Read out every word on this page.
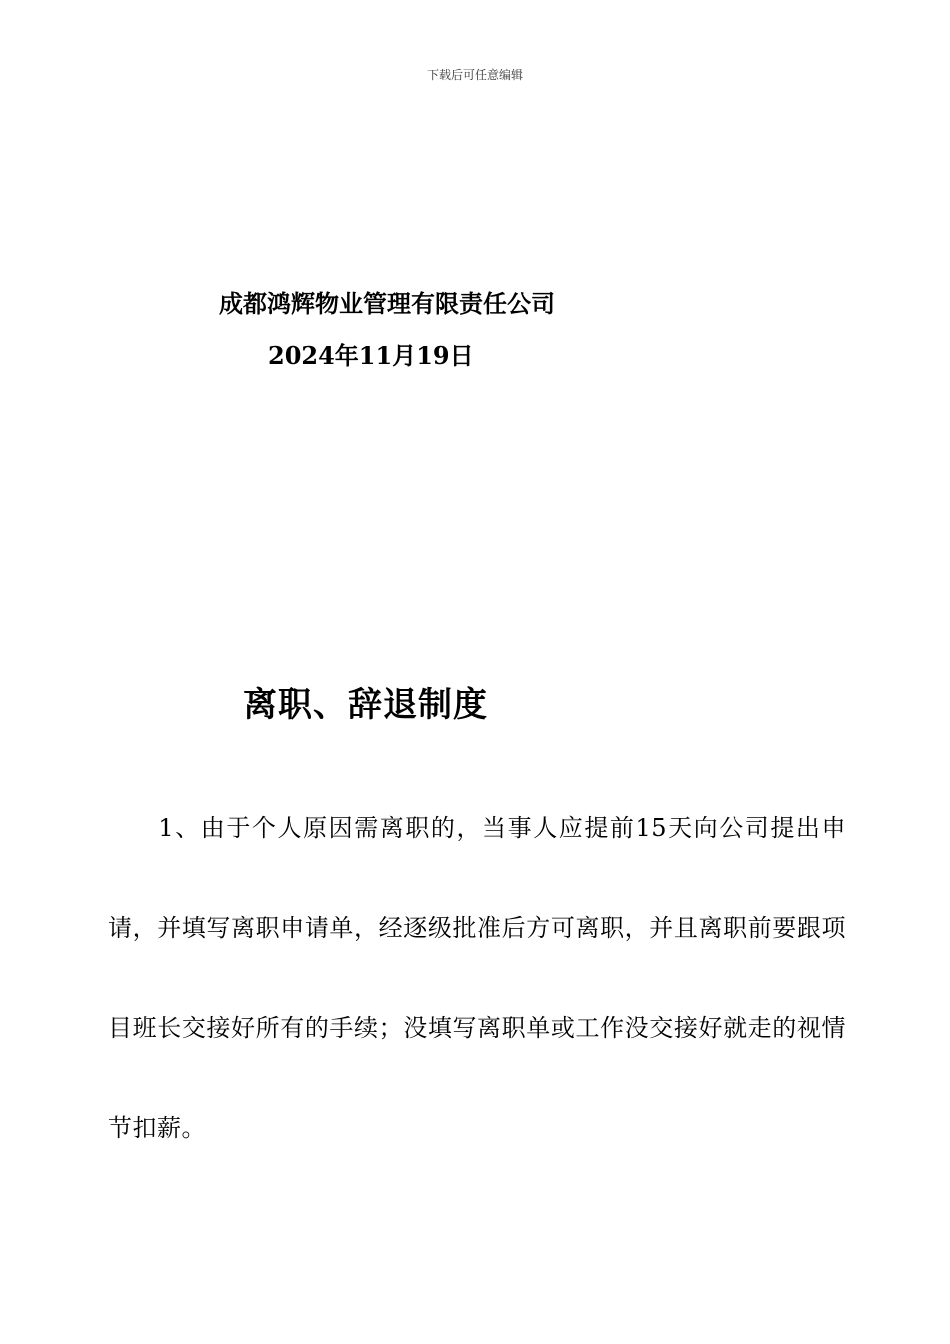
下载后可任意编辑
成都鸿辉物业管理有限责任公司
2024年11月19日
离职、辞退制度

1、由于个人原因需离职的，当事人应提前15天向公司提出申请，并填写离职申请单，经逐级批准后方可离职，并且离职前要跟项目班长交接好所有的手续；没填写离职单或工作没交接好就走的视情节扣薪。
